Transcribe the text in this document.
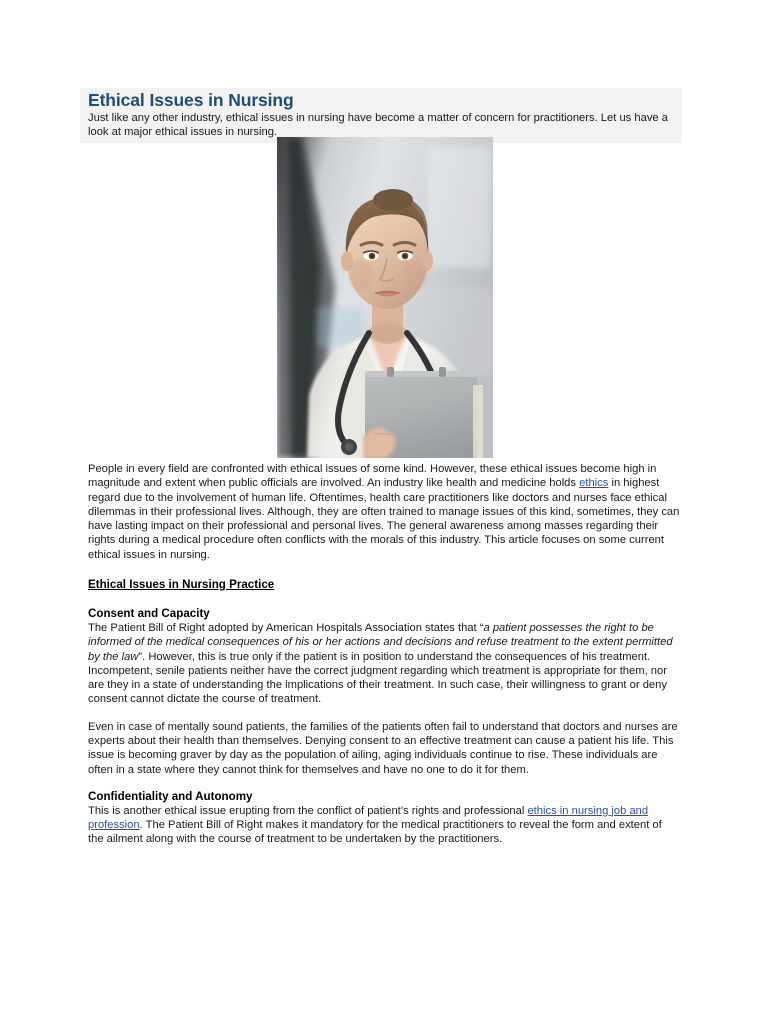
Ethical Issues in Nursing

Just like any other industry, ethical issues in nursing have become a matter of concern for practitioners. Let us have a look at major ethical issues in nursing.

People in every field are confronted with ethical issues of some kind. However, these ethical issues become high in magnitude and extent when public officials are involved. An industry like health and medicine holds ethics in highest regard due to the involvement of human life. Oftentimes, health care practitioners like doctors and nurses face ethical dilemmas in their professional lives. Although, they are often trained to manage issues of this kind, sometimes, they can have lasting impact on their professional and personal lives. The general awareness among masses regarding their rights during a medical procedure often conflicts with the morals of this industry. This article focuses on some current ethical issues in nursing.

Ethical Issues in Nursing Practice
Consent and Capacity

The Patient Bill of Right adopted by American Hospitals Association states that “a patient possesses the right to be informed of the medical consequences of his or her actions and decisions and refuse treatment to the extent permitted by the law”. However, this is true only if the patient is in position to understand the consequences of his treatment. Incompetent, senile patients neither have the correct judgment regarding which treatment is appropriate for them, nor are they in a state of understanding the implications of their treatment. In such case, their willingness to grant or deny consent cannot dictate the course of treatment.

Even in case of mentally sound patients, the families of the patients often fail to understand that doctors and nurses are experts about their health than themselves. Denying consent to an effective treatment can cause a patient his life. This issue is becoming graver by day as the population of ailing, aging individuals continue to rise. These individuals are often in a state where they cannot think for themselves and have no one to do it for them.

Confidentiality and Autonomy

This is another ethical issue erupting from the conflict of patient’s rights and professional ethics in nursing job and profession. The Patient Bill of Right makes it mandatory for the medical practitioners to reveal the form and extent of the ailment along with the course of treatment to be undertaken by the practitioners.
